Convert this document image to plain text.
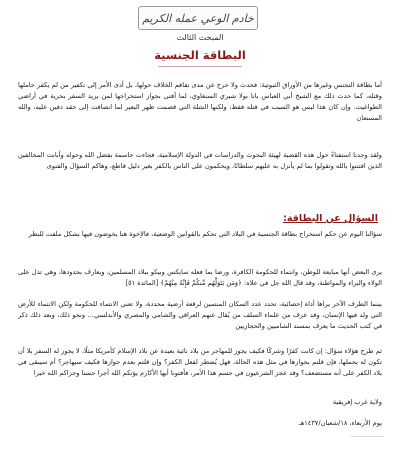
خادم الوعي عمله الكريم
المبحث الثالث
البطاقة الجنسية
أما بطاقة التجنس وغيرها من الأوراق الثبوتية: فحدث ولا حرج عن مدى تفاقم الخلاف حولها، بل أدى الأمر إلى تكفير من لم يكفر حاملها وقتله، كما حدث ذلك مع الشيخ أبي العباس بانا بولا شيري السنغاوي، لما أفتى بجواز استخراجها لمن يريد السفر بحرية في أراضي الطواغيت. وإن كان هذا ليس هو السبب في قتله فقط، ولكنها الشلة التي قصمت ظهر البعير لما انصافت إلى حقد دفين عليه، والله المستعان
ولقد وجدنا استفتاءً حول هذه القضية لهيئة البحوث والدراسات في الدولة الإسلامية، فجاءت حاسمة بفضل الله وحوله وأبانت المخالفين الذين افتتنوا بالله وتقولوا بما لم يأنزل به عليهم سلطانًا، ويحكمون على الناس بالكفر بغير دليل قاطع، وهاكم السؤال والفتوى
السؤال عن البطاقة:
سؤالنا اليوم عن حكم استخراج بطاقة الجنسية في البلاد التي تحكم بالقوانين الوضعية، فالإخوة هنا يخوضون فيها بشكل ملفت للنظر
يرى البعض أنها مبايعة للوطن، وانتماء للحكومة الكافرة، ورضا بما فعله سايكس وبيكو ببلاد المسلمين، ويعارف بحدودها، وهي تدل على الولاء والبراء والمواطنة، وقد قال الله جل في علاه: ﴿وَمَن يَتَوَلَّهُم مِّنكُمْ فَإِنَّهُ مِنْهُمْ﴾ [المائدة ٥١]
بينما الطرف الآخر يراها أداة إحصائية، تحدد عدد السكان المنتمين لرقعة أرضية محددة، ولا تعني الانتماء للحكومة ولكن الانتماء للأرض التي ولد فيها الإنسان، وقد عرف من علماء السلف من يُقال عنهم العراقي والشامي والمصري والأندلسي… ونحو ذلك، وبعد ذلك ذكر في كتب الحديث ما يعرف بمسند الشاميين والحجازيين
ثم طرح هؤلاء سؤال: إن كانت كفرًا وشركًا فكيف يجوز للمهاجر من بلاد نائية بعيدة عن بلاد الإسلام كأمريكا مثلًا، لا يجوز له السفر بلا أن تكون له بحملها، فإن قلتم بجوازها في مثل هذه الحالة، فهل يُضطر لفعل الكفر؟ وإن قلتم بعدم جوازها فكيف سيهاجر؟ أم سيبقى في بلاد الكفر على أنه مستضعف؟ وقد عجز الشرعيون في حسم هذا الأمر، فأفتونا أيها الأكارم يؤتكم الله أجرا حسنا وجزاكم الله خيرا
ولاية غرب إفريقية
يوم الأربعاء، ١٨/شعبان/١٤٣٧هـ
